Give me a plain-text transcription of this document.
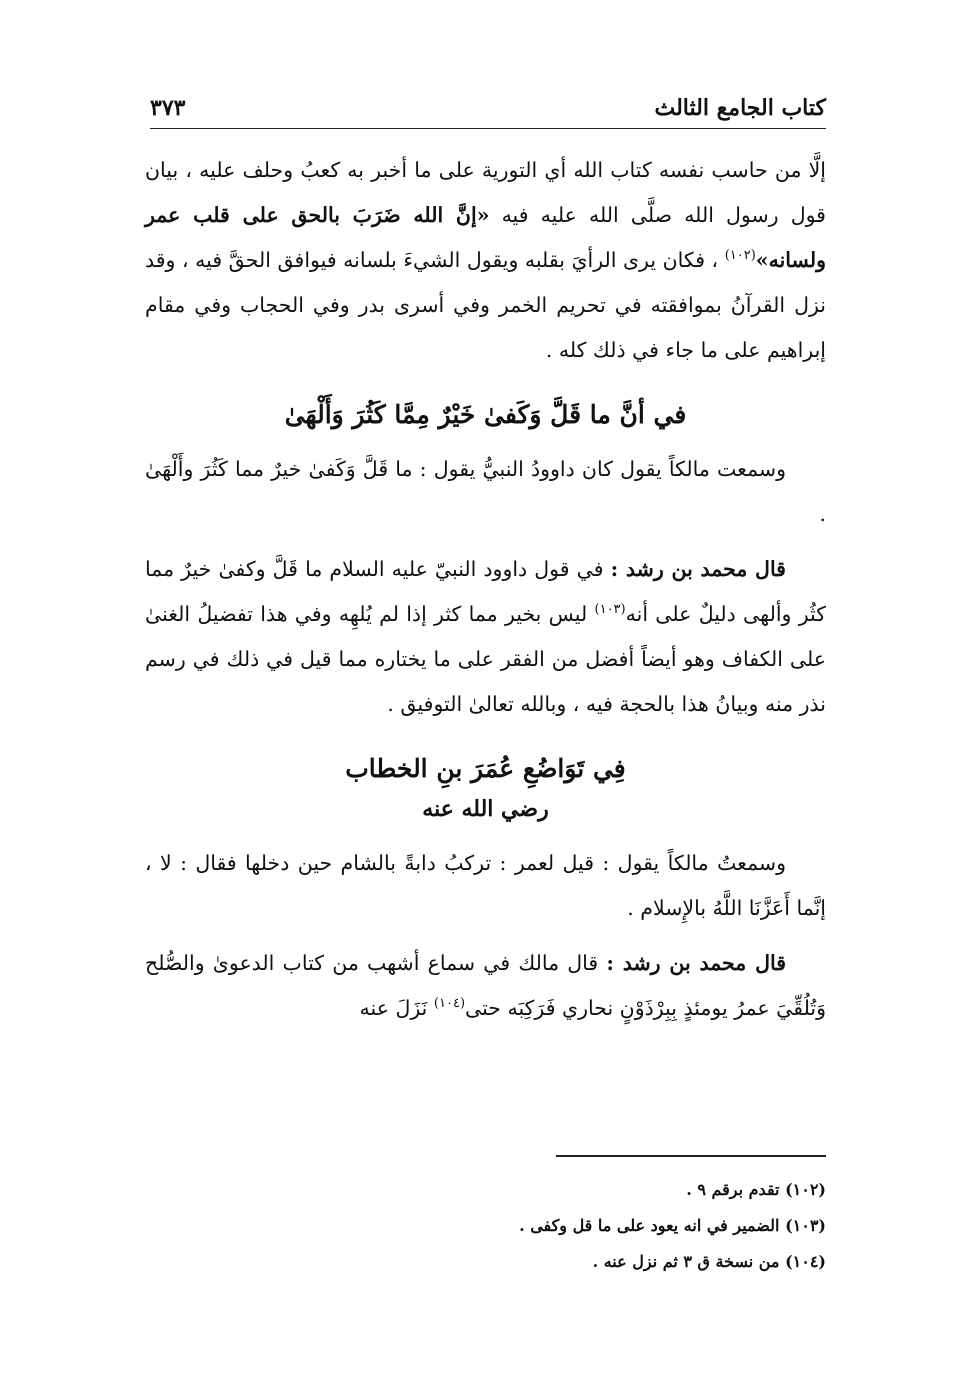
كتاب الجامع الثالث
٣٧٣

إلَّا من حاسب نفسه كتاب الله أي التورية على ما أخبر به كعبُ وحلف عليه ، بيان قول رسول الله صلَّى الله عليه فيه «إنَّ الله ضَرَبَ بالحق على قلب عمر ولسانه»$^{(١٠٢)}$ ، فكان يرى الرأيَ بقلبه ويقول الشيءَ بلسانه فيوافق الحقَّ فيه ، وقد نزل القرآنُ بموافقته في تحريم الخمر وفي أسرى بدر وفي الحجاب وفي مقام إبراهيم على ما جاء في ذلك كله .

في أنَّ ما قَلَّ وَكَفىٰ خَيْرٌ مِمَّا كَثُرَ وَأَلْهَىٰ

وسمعت مالكاً يقول كان داوودُ النبيُّ يقول : ما قَلَّ وَكَفىٰ خيرٌ مما كَثُرَ وأَلْهَىٰ .

قال محمد بن رشد : في قول داوود النبيّ عليه السلام ما قَلَّ وكفىٰ خيرٌ مما كثُر وألهى دليلٌ على أنه$^{(١٠٣)}$ ليس بخير مما كثر إذا لم يُلهِه وفي هذا تفضيلُ الغنىٰ على الكفاف وهو أيضاً أفضل من الفقر على ما يختاره مما قيل في ذلك في رسم نذر منه وبيانُ هذا بالحجة فيه ، وبالله تعالىٰ التوفيق .

فِي تَوَاضُعِ عُمَرَ بنِ الخطاب
رضي الله عنه

وسمعتُ مالكاً يقول : قيل لعمر : تركبُ دابةً بالشام حين دخلها فقال : لا ، إنَّما أَعَزَّنَا اللَّهُ بالإِسلام .

قال محمد بن رشد : قال مالك في سماع أشهب من كتاب الدعوىٰ والصُّلح وَتُلُقِّيَ عمرُ يومئذٍ بِبِرْذَوْنٍ نحاري فَرَكِبَه حتى$^{(١٠٤)}$ نَزَلَ عنه

(١٠٢) تقدم برقم ٩ .
(١٠٣) الضمير في انه يعود على ما قل وكفى .
(١٠٤) من نسخة ق ٣ ثم نزل عنه .
